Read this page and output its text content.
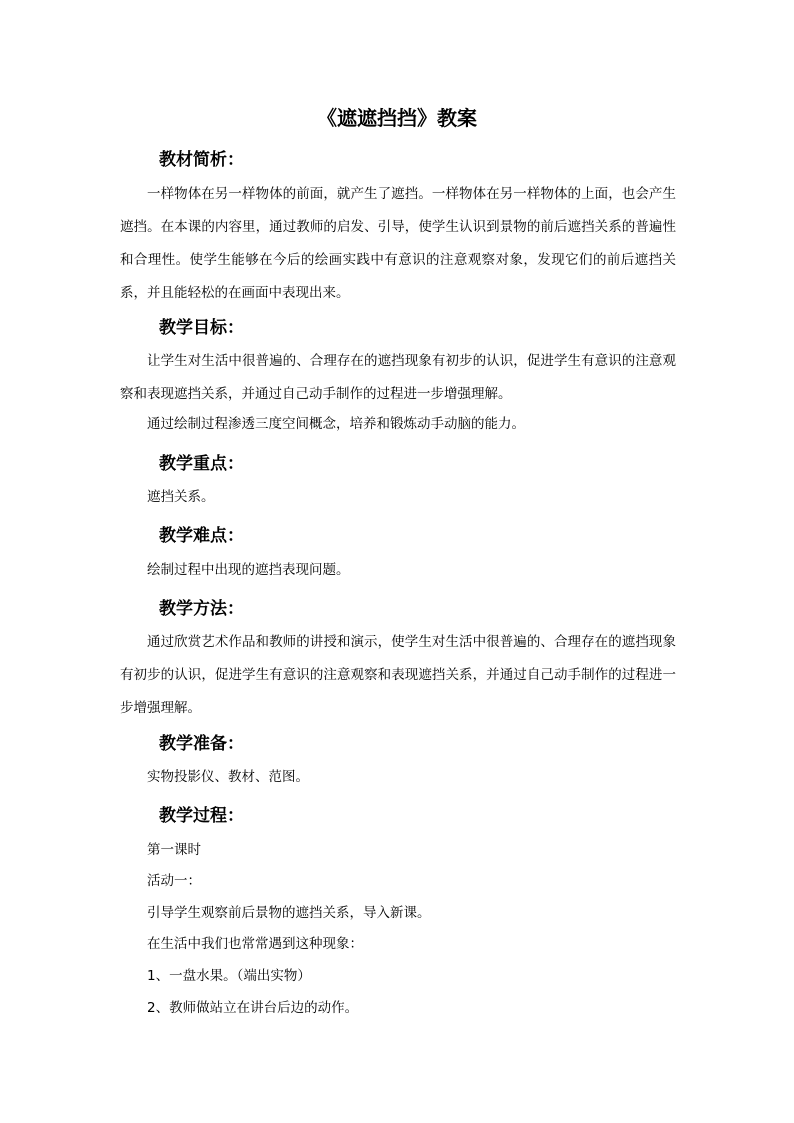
《遮遮挡挡》教案
教材简析：
一样物体在另一样物体的前面，就产生了遮挡。一样物体在另一样物体的上面，也会产生遮挡。在本课的内容里，通过教师的启发、引导，使学生认识到景物的前后遮挡关系的普遍性和合理性。使学生能够在今后的绘画实践中有意识的注意观察对象，发现它们的前后遮挡关系，并且能轻松的在画面中表现出来。
教学目标：
让学生对生活中很普遍的、合理存在的遮挡现象有初步的认识，促进学生有意识的注意观察和表现遮挡关系，并通过自己动手制作的过程进一步增强理解。
通过绘制过程渗透三度空间概念，培养和锻炼动手动脑的能力。
教学重点：
遮挡关系。
教学难点：
绘制过程中出现的遮挡表现问题。
教学方法：
通过欣赏艺术作品和教师的讲授和演示，使学生对生活中很普遍的、合理存在的遮挡现象有初步的认识，促进学生有意识的注意观察和表现遮挡关系，并通过自己动手制作的过程进一步增强理解。
教学准备：
实物投影仪、教材、范图。
教学过程：
第一课时
活动一：
引导学生观察前后景物的遮挡关系，导入新课。
在生活中我们也常常遇到这种现象：
1、一盘水果。（端出实物）
2、教师做站立在讲台后边的动作。
